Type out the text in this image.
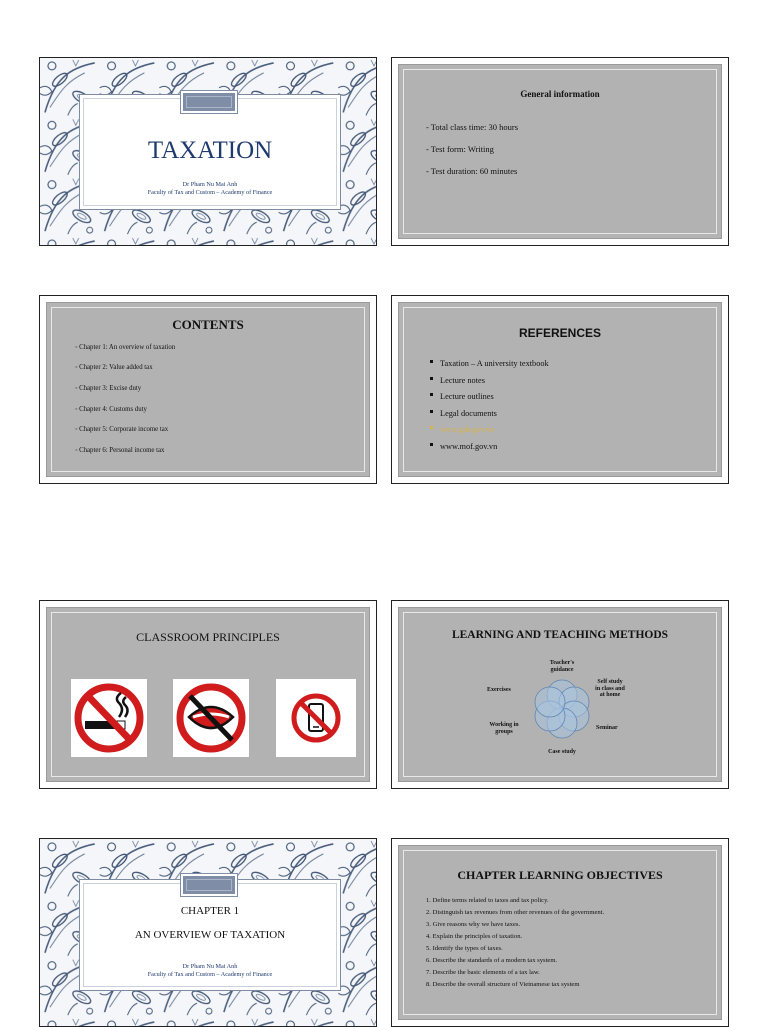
TAXATION
Dr Pham Nu Mai Anh
Faculty of Tax and Custom – Academy of Finance
General information
- Total class time: 30 hours
- Test form: Writing
- Test duration: 60 minutes
CONTENTS
◦ Chapter 1: An overview of taxation
◦ Chapter 2: Value added tax
◦ Chapter 3: Excise duty
◦ Chapter 4: Customs duty
◦ Chapter 5: Corporate income tax
◦ Chapter 6: Personal income tax
REFERENCES
Taxation – A university textbook
Lecture notes
Lecture outlines
Legal documents
www.gdt.gov.vn
www.mof.gov.vn
CLASSROOM PRINCIPLES	LEARNING AND TEACHING METHODS
Teacher's
guidance
Self study
in class and
at home
Exercises
Seminar
Working in
groups
Case study
CHAPTER 1
AN OVERVIEW OF TAXATION
Dr Pham Nu Mai Anh
Faculty of Tax and Custom – Academy of Finance
CHAPTER LEARNING OBJECTIVES
1. Define terms related to taxes and tax policy.
2. Distinguish tax revenues from other revenues of the government.
3. Give reasons why we have taxes.
4. Explain the principles of taxation.
5. Identify the types of taxes.
6. Describe the standards of a modern tax system.
7. Describe the basic elements of a tax law.
8. Describe the overall structure of Vietnamese tax system
